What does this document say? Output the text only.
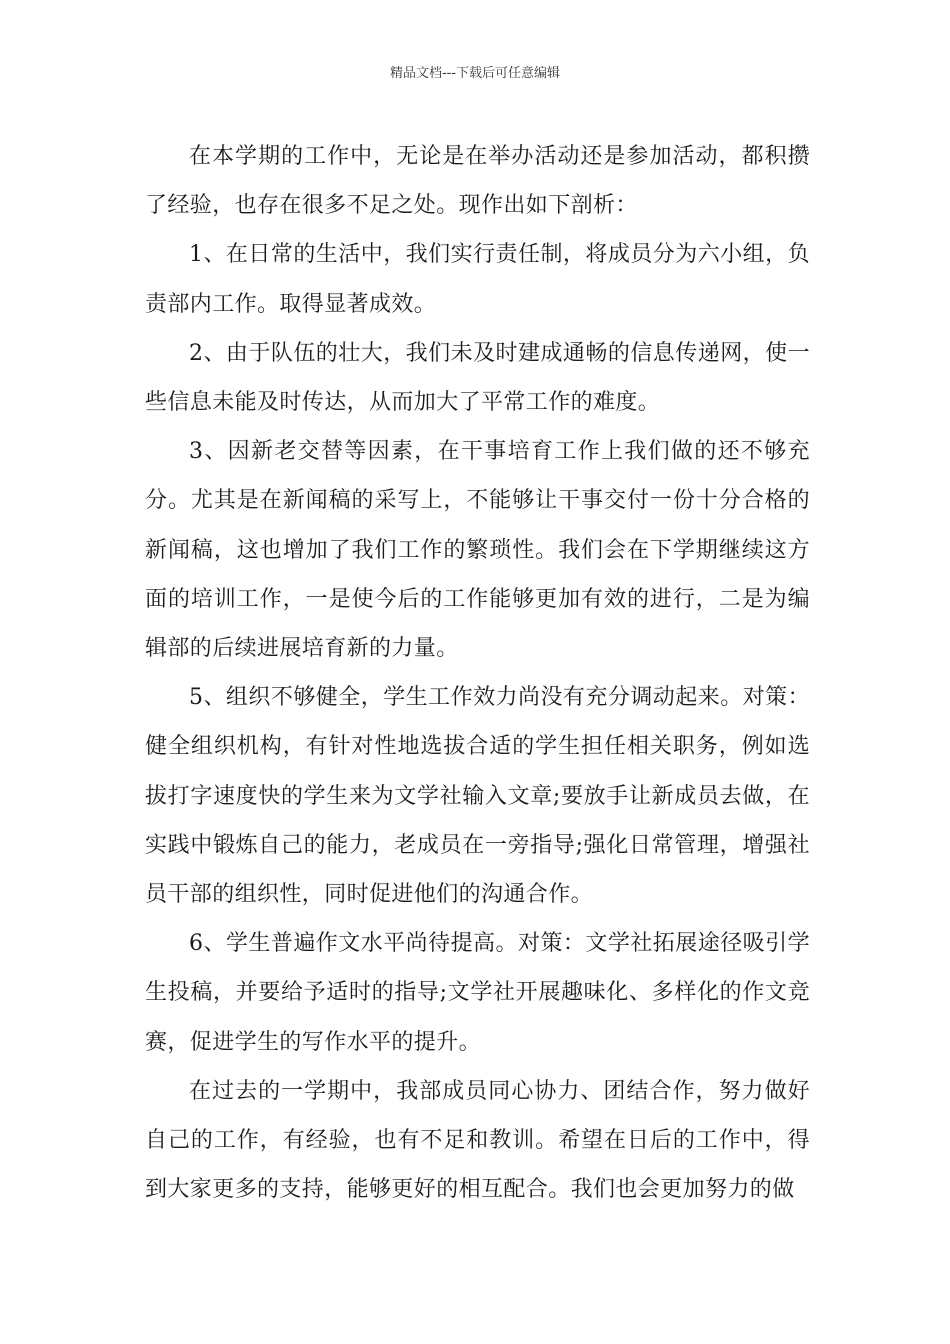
精品文档---下载后可任意编辑

在本学期的工作中，无论是在举办活动还是参加活动，都积攒了经验，也存在很多不足之处。现作出如下剖析：

1、在日常的生活中，我们实行责任制，将成员分为六小组，负责部内工作。取得显著成效。

2、由于队伍的壮大，我们未及时建成通畅的信息传递网，使一些信息未能及时传达，从而加大了平常工作的难度。

3、因新老交替等因素，在干事培育工作上我们做的还不够充分。尤其是在新闻稿的采写上，不能够让干事交付一份十分合格的新闻稿，这也增加了我们工作的繁琐性。我们会在下学期继续这方面的培训工作，一是使今后的工作能够更加有效的进行，二是为编辑部的后续进展培育新的力量。

5、组织不够健全，学生工作效力尚没有充分调动起来。对策：健全组织机构，有针对性地选拔合适的学生担任相关职务，例如选拔打字速度快的学生来为文学社输入文章;要放手让新成员去做，在实践中锻炼自己的能力，老成员在一旁指导;强化日常管理，增强社员干部的组织性，同时促进他们的沟通合作。

6、学生普遍作文水平尚待提高。对策：文学社拓展途径吸引学生投稿，并要给予适时的指导;文学社开展趣味化、多样化的作文竞赛，促进学生的写作水平的提升。

在过去的一学期中，我部成员同心协力、团结合作，努力做好自己的工作，有经验，也有不足和教训。希望在日后的工作中，得到大家更多的支持，能够更好的相互配合。我们也会更加努力的做
